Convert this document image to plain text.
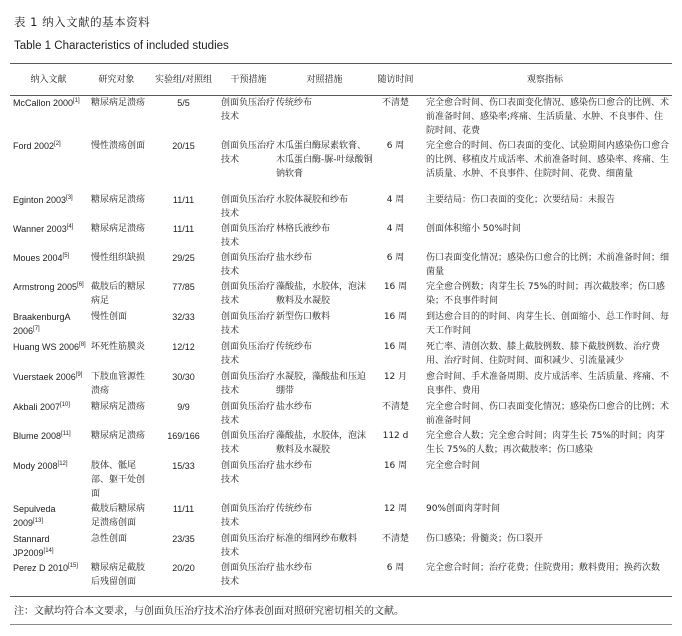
表 1 纳入文献的基本资料
Table 1 Characteristics of included studies
纳入文献	研究对象	实验组/对照组	干预措施	对照措施	随访时间	观察指标
McCallon 2000[1]	糖尿病足溃疡	5/5	创面负压治疗技术	传统纱布	不清楚	完全愈合时间、伤口表面变化情况、感染伤口愈合的比例、术前准备时间、感染率;疼痛、生活质量、水肿、不良事件、住院时间、花费
Ford 2002[2]	慢性溃疡创面	20/15	创面负压治疗技术	木瓜蛋白酶尿素软膏、木瓜蛋白酶-脲-叶绿酸铜钠软膏	6 周	完全愈合的时间、伤口表面的变化、试验期间内感染伤口愈合的比例、移植皮片成活率、术前准备时间、感染率、疼痛、生活质量、水肿、不良事件、住院时间、花费、细菌量
Eginton 2003[3]	糖尿病足溃疡	11/11	创面负压治疗技术	水胶体凝胶和纱布	4 周	主要结局：伤口表面的变化；次要结局：未报告
Wanner 2003[4]	糖尿病足溃疡	11/11	创面负压治疗技术	林格氏液纱布	4 周	创面体积缩小 50%时间
Moues 2004[5]	慢性组织缺损	29/25	创面负压治疗技术	盐水纱布	6 周	伤口表面变化情况；感染伤口愈合的比例；术前准备时间；细菌量
Armstrong 2005[6]	截肢后的糖尿病足	77/85	创面负压治疗技术	藻酸盐，水胶体，泡沫敷料及水凝胶	16 周	完全愈合例数；肉芽生长 75%的时间；再次截肢率；伤口感染；不良事件时间
BraakenburgA 2006[7]	慢性创面	32/33	创面负压治疗技术	新型伤口敷料	16 周	到达愈合目的的时间、肉芽生长、创面缩小、总工作时间、每天工作时间
Huang WS 2006[8]	坏死性筋膜炎	12/12	创面负压治疗技术	传统纱布	16 周	死亡率、清创次数、膝上截肢例数、膝下截肢例数、治疗费用、治疗时间、住院时间、面积减少、引流量减少
Vuerstaek 2006[9]	下肢血管源性溃疡	30/30	创面负压治疗技术	水凝胶，藻酸盐和压迫绷带	12 月	愈合时间、手术准备周期、皮片成活率、生活质量、疼痛、不良事件、费用
Akbali 2007[10]	糖尿病足溃疡	9/9	创面负压治疗技术	盐水纱布	不清楚	完全愈合时间、伤口表面变化情况；感染伤口愈合的比例；术前准备时间
Blume 2008[11]	糖尿病足溃疡	169/166	创面负压治疗技术	藻酸盐，水胶体，泡沫敷料及水凝胶	112 d	完全愈合人数；完全愈合时间；肉芽生长 75%的时间；肉芽生长 75%的人数；再次截肢率；伤口感染
Mody 2008[12]	肢体、骶尾部、躯干处创面	15/33	创面负压治疗技术	盐水纱布	16 周	完全愈合时间
Sepulveda 2009[13]	截肢后糖尿病足溃疡创面	11/11	创面负压治疗技术	传统纱布	12 周	90%创面肉芽时间
Stannard JP2009[14]	急性创面	23/35	创面负压治疗技术	标准的细网纱布敷料	不清楚	伤口感染；骨髓炎；伤口裂开
Perez D 2010[15]	糖尿病足截肢后残留创面	20/20	创面负压治疗技术	盐水纱布	6 周	完全愈合时间；治疗花费；住院费用；敷料费用；换药次数
注：文献均符合本文要求，与创面负压治疗技术治疗体表创面对照研究密切相关的文献。
